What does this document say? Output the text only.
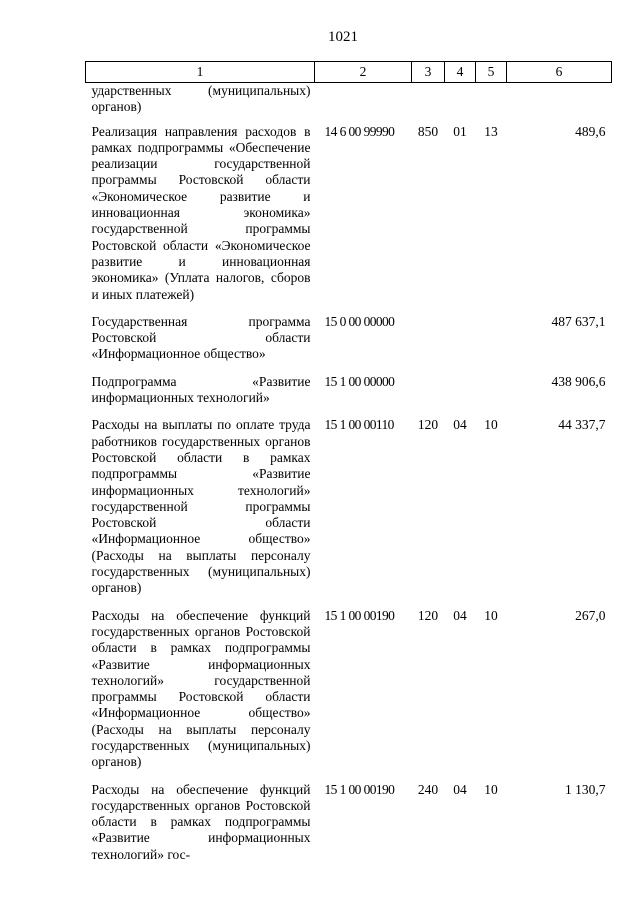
1021
1	2	3	4	5	6
ударственных (муниципальных) органов)					
Реализация направления расходов в рамках подпрограммы «Обеспечение реализации государственной программы Ростовской области «Экономическое развитие и инновационная экономика» государственной программы Ростовской области «Экономическое развитие и инновационная экономика» (Уплата налогов, сборов и иных платежей)	14 6 00 99990	850	01	13	489,6
Государственная программа Ростовской области «Информационное общество»	15 0 00 00000				487 637,1
Подпрограмма «Развитие информационных технологий»	15 1 00 00000				438 906,6
Расходы на выплаты по оплате труда работников государственных органов Ростовской области в рамках подпрограммы «Развитие информационных технологий» государственной программы Ростовской области «Информационное общество» (Расходы на выплаты персоналу государственных (муниципальных) органов)	15 1 00 00110	120	04	10	44 337,7
Расходы на обеспечение функций государственных органов Ростовской области в рамках подпрограммы «Развитие информационных технологий» государственной программы Ростовской области «Информационное общество» (Расходы на выплаты персоналу государственных (муниципальных) органов)	15 1 00 00190	120	04	10	267,0
Расходы на обеспечение функций государственных органов Ростовской области в рамках подпрограммы «Развитие информационных технологий» гос-	15 1 00 00190	240	04	10	1 130,7
